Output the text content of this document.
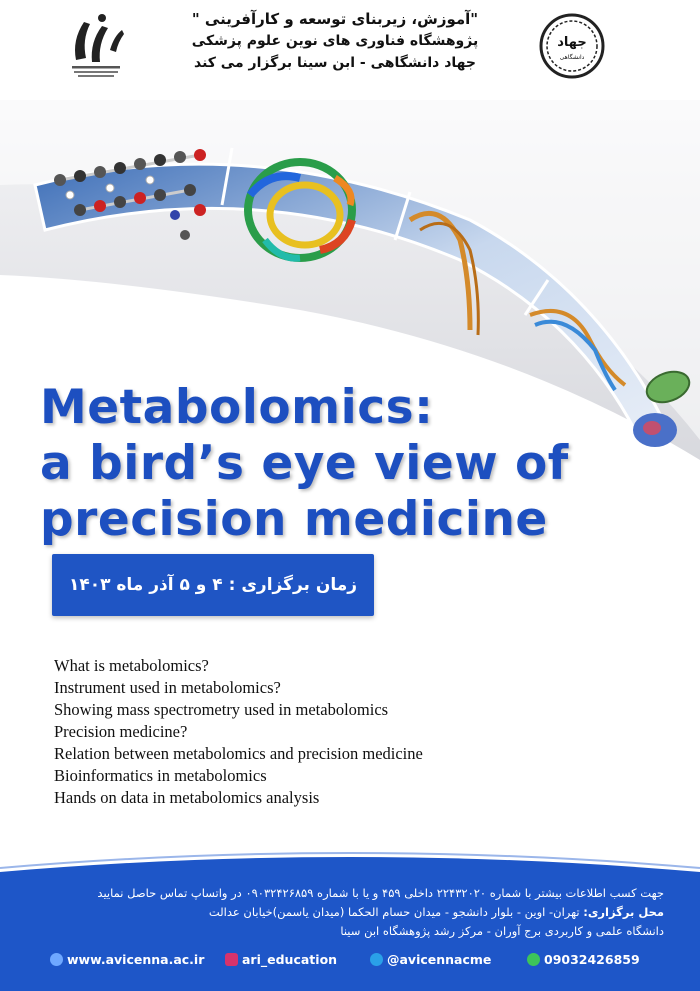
"آموزش، زیربنای توسعه و کارآفرینی "
پژوهشگاه فناوری های نوین علوم پزشکی
جهاد دانشگاهی - ابن سینا برگزار می کند
جهاد
دانشگاهی
Metabolomics:
a bird’s eye view of
precision medicine
زمان برگزاری : ۴ و ۵ آذر ماه ۱۴۰۳
What is metabolomics?
Instrument used in metabolomics?
Showing mass spectrometry used in metabolomics
Precision medicine?
Relation between metabolomics and precision medicine
Bioinformatics in metabolomics
Hands on data in metabolomics analysis
جهت کسب اطلاعات بیشتر با شماره ۲۲۴۳۲۰۲۰ داخلی ۴۵۹ و یا با شماره ۰۹۰۳۲۴۲۶۸۵۹ در واتساپ تماس حاصل نمایید
محل برگزاری: تهران- اوین - بلوار دانشجو - میدان حسام الحکما (میدان یاسمن)خیابان عدالت
دانشگاه علمی و کاربردی برج آوران - مرکز رشد پژوهشگاه ابن سینا
www.avicenna.ac.ir	ari_education	@avicennacme	09032426859
